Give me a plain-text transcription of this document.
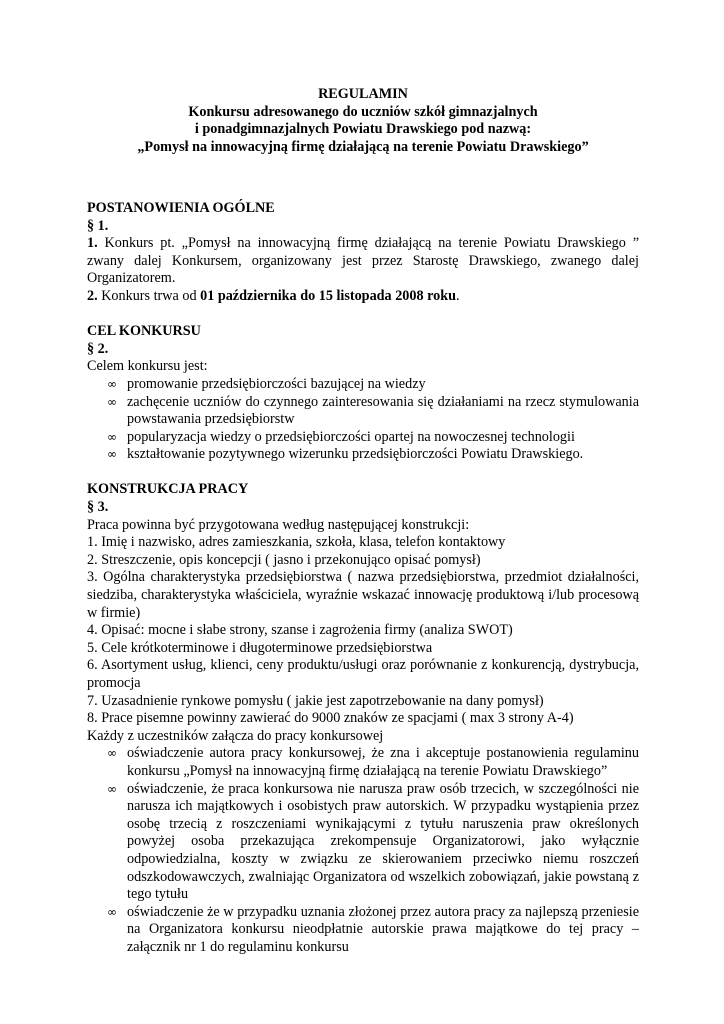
REGULAMIN
Konkursu adresowanego do uczniów szkół gimnazjalnych
i ponadgimnazjalnych Powiatu Drawskiego pod nazwą:
„Pomysł na innowacyjną firmę działającą na terenie Powiatu Drawskiego”
POSTANOWIENIA OGÓLNE
§ 1.
1. Konkurs pt. „Pomysł na innowacyjną firmę działającą na terenie Powiatu Drawskiego ” zwany dalej Konkursem, organizowany jest przez Starostę Drawskiego, zwanego dalej Organizatorem.
2. Konkurs trwa od 01 października do 15 listopada 2008 roku.
CEL KONKURSU
§ 2.
Celem konkursu jest:
∞ promowanie przedsiębiorczości bazującej na wiedzy
∞ zachęcenie uczniów do czynnego zainteresowania się działaniami na rzecz stymulowania powstawania przedsiębiorstw
∞ popularyzacja wiedzy o przedsiębiorczości opartej na nowoczesnej technologii
∞ kształtowanie pozytywnego wizerunku przedsiębiorczości Powiatu Drawskiego.
KONSTRUKCJA PRACY
§ 3.
Praca powinna być przygotowana według następującej konstrukcji:
1. Imię i nazwisko, adres zamieszkania, szkoła, klasa, telefon kontaktowy
2. Streszczenie, opis koncepcji ( jasno i przekonująco opisać pomysł)
3. Ogólna charakterystyka przedsiębiorstwa ( nazwa przedsiębiorstwa, przedmiot działalności, siedziba, charakterystyka właściciela, wyraźnie wskazać innowację produktową i/lub procesową w firmie)
4. Opisać: mocne i słabe strony, szanse i zagrożenia firmy (analiza SWOT)
5. Cele krótkoterminowe i długoterminowe przedsiębiorstwa
6. Asortyment usług, klienci, ceny produktu/usługi oraz porównanie z konkurencją, dystrybucja, promocja
7. Uzasadnienie rynkowe pomysłu ( jakie jest zapotrzebowanie na dany pomysł)
8. Prace pisemne powinny zawierać do 9000 znaków ze spacjami ( max 3 strony A-4)
Każdy z uczestników załącza do pracy konkursowej
∞ oświadczenie autora pracy konkursowej, że zna i akceptuje postanowienia regulaminu konkursu „Pomysł na innowacyjną firmę działającą na terenie Powiatu Drawskiego”
∞ oświadczenie, że praca konkursowa nie narusza praw osób trzecich, w szczególności nie narusza ich majątkowych i osobistych praw autorskich. W przypadku wystąpienia przez osobę trzecią z roszczeniami wynikającymi z tytułu naruszenia praw określonych powyżej osoba przekazująca zrekompensuje Organizatorowi, jako wyłącznie odpowiedzialna, koszty w związku ze skierowaniem przeciwko niemu roszczeń odszkodowawczych, zwalniając Organizatora od wszelkich zobowiązań, jakie powstaną z tego tytułu
∞ oświadczenie że w przypadku uznania złożonej przez autora pracy za najlepszą przeniesie na Organizatora konkursu nieodpłatnie autorskie prawa majątkowe do tej pracy – załącznik nr 1 do regulaminu konkursu
